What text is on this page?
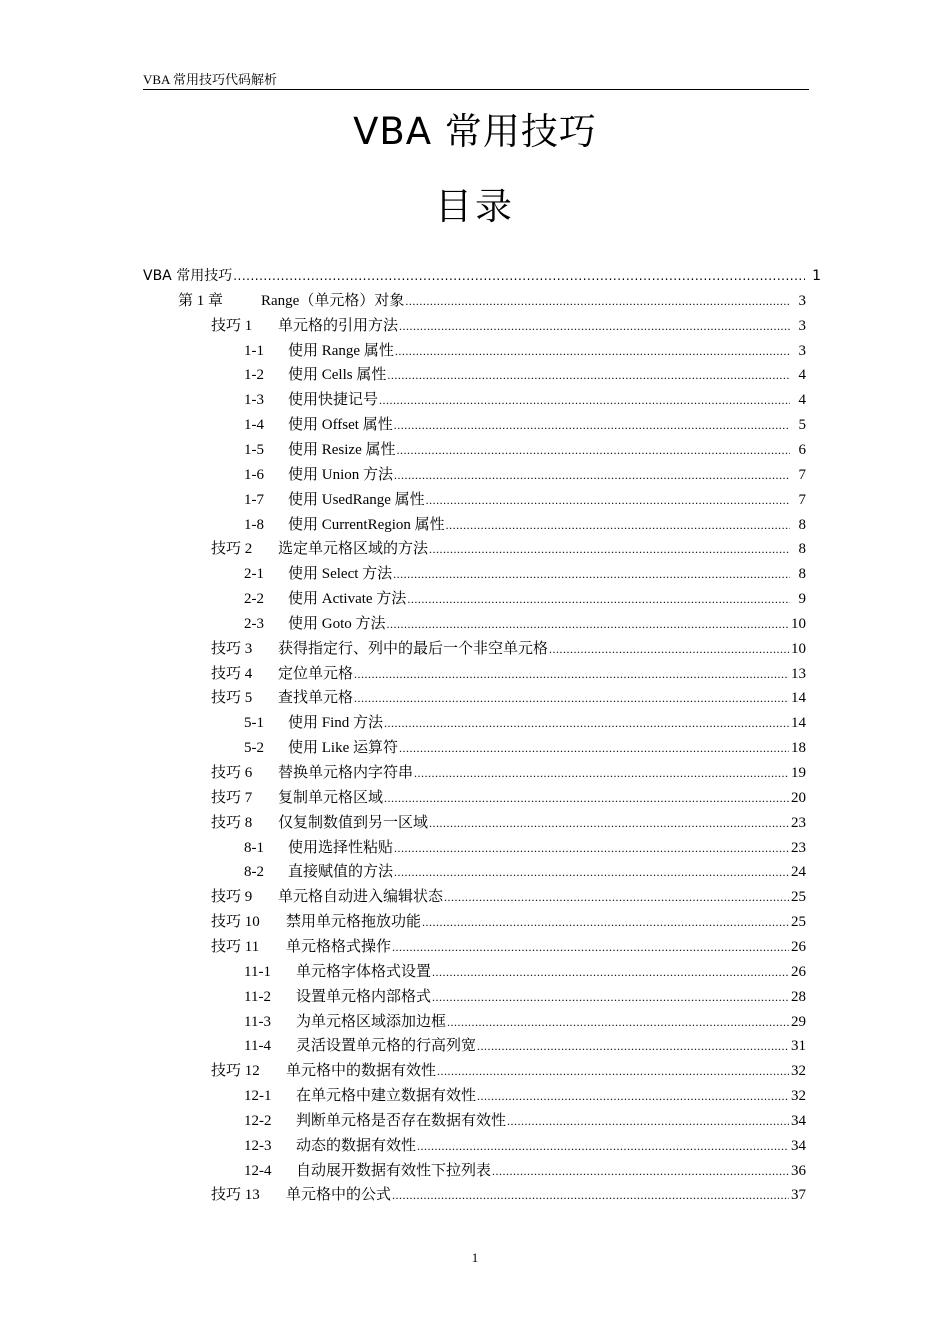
VBA 常用技巧代码解析
VBA 常用技巧
目录
VBA 常用技巧 .....	1
第 1 章	Range（单元格）对象 .....	3
技巧 1	单元格的引用方法 .....	3
1-1	使用 Range 属性 .....	3
1-2	使用 Cells 属性 .....	4
1-3	使用快捷记号 .....	4
1-4	使用 Offset 属性 .....	5
1-5	使用 Resize 属性 .....	6
1-6	使用 Union 方法 .....	7
1-7	使用 UsedRange 属性 .....	7
1-8	使用 CurrentRegion 属性 .....	8
技巧 2	选定单元格区域的方法 .....	8
2-1	使用 Select 方法 .....	8
2-2	使用 Activate 方法 .....	9
2-3	使用 Goto 方法 .....	10
技巧 3	获得指定行、列中的最后一个非空单元格 .....	10
技巧 4	定位单元格 .....	13
技巧 5	查找单元格 .....	14
5-1	使用 Find 方法 .....	14
5-2	使用 Like 运算符 .....	18
技巧 6	替换单元格内字符串 .....	19
技巧 7	复制单元格区域 .....	20
技巧 8	仅复制数值到另一区域 .....	23
8-1	使用选择性粘贴 .....	23
8-2	直接赋值的方法 .....	24
技巧 9	单元格自动进入编辑状态 .....	25
技巧 10	禁用单元格拖放功能 .....	25
技巧 11	单元格格式操作 .....	26
11-1	单元格字体格式设置 .....	26
11-2	设置单元格内部格式 .....	28
11-3	为单元格区域添加边框 .....	29
11-4	灵活设置单元格的行高列宽 .....	31
技巧 12	单元格中的数据有效性 .....	32
12-1	在单元格中建立数据有效性 .....	32
12-2	判断单元格是否存在数据有效性 .....	34
12-3	动态的数据有效性 .....	34
12-4	自动展开数据有效性下拉列表 .....	36
技巧 13	单元格中的公式 .....	37
1
